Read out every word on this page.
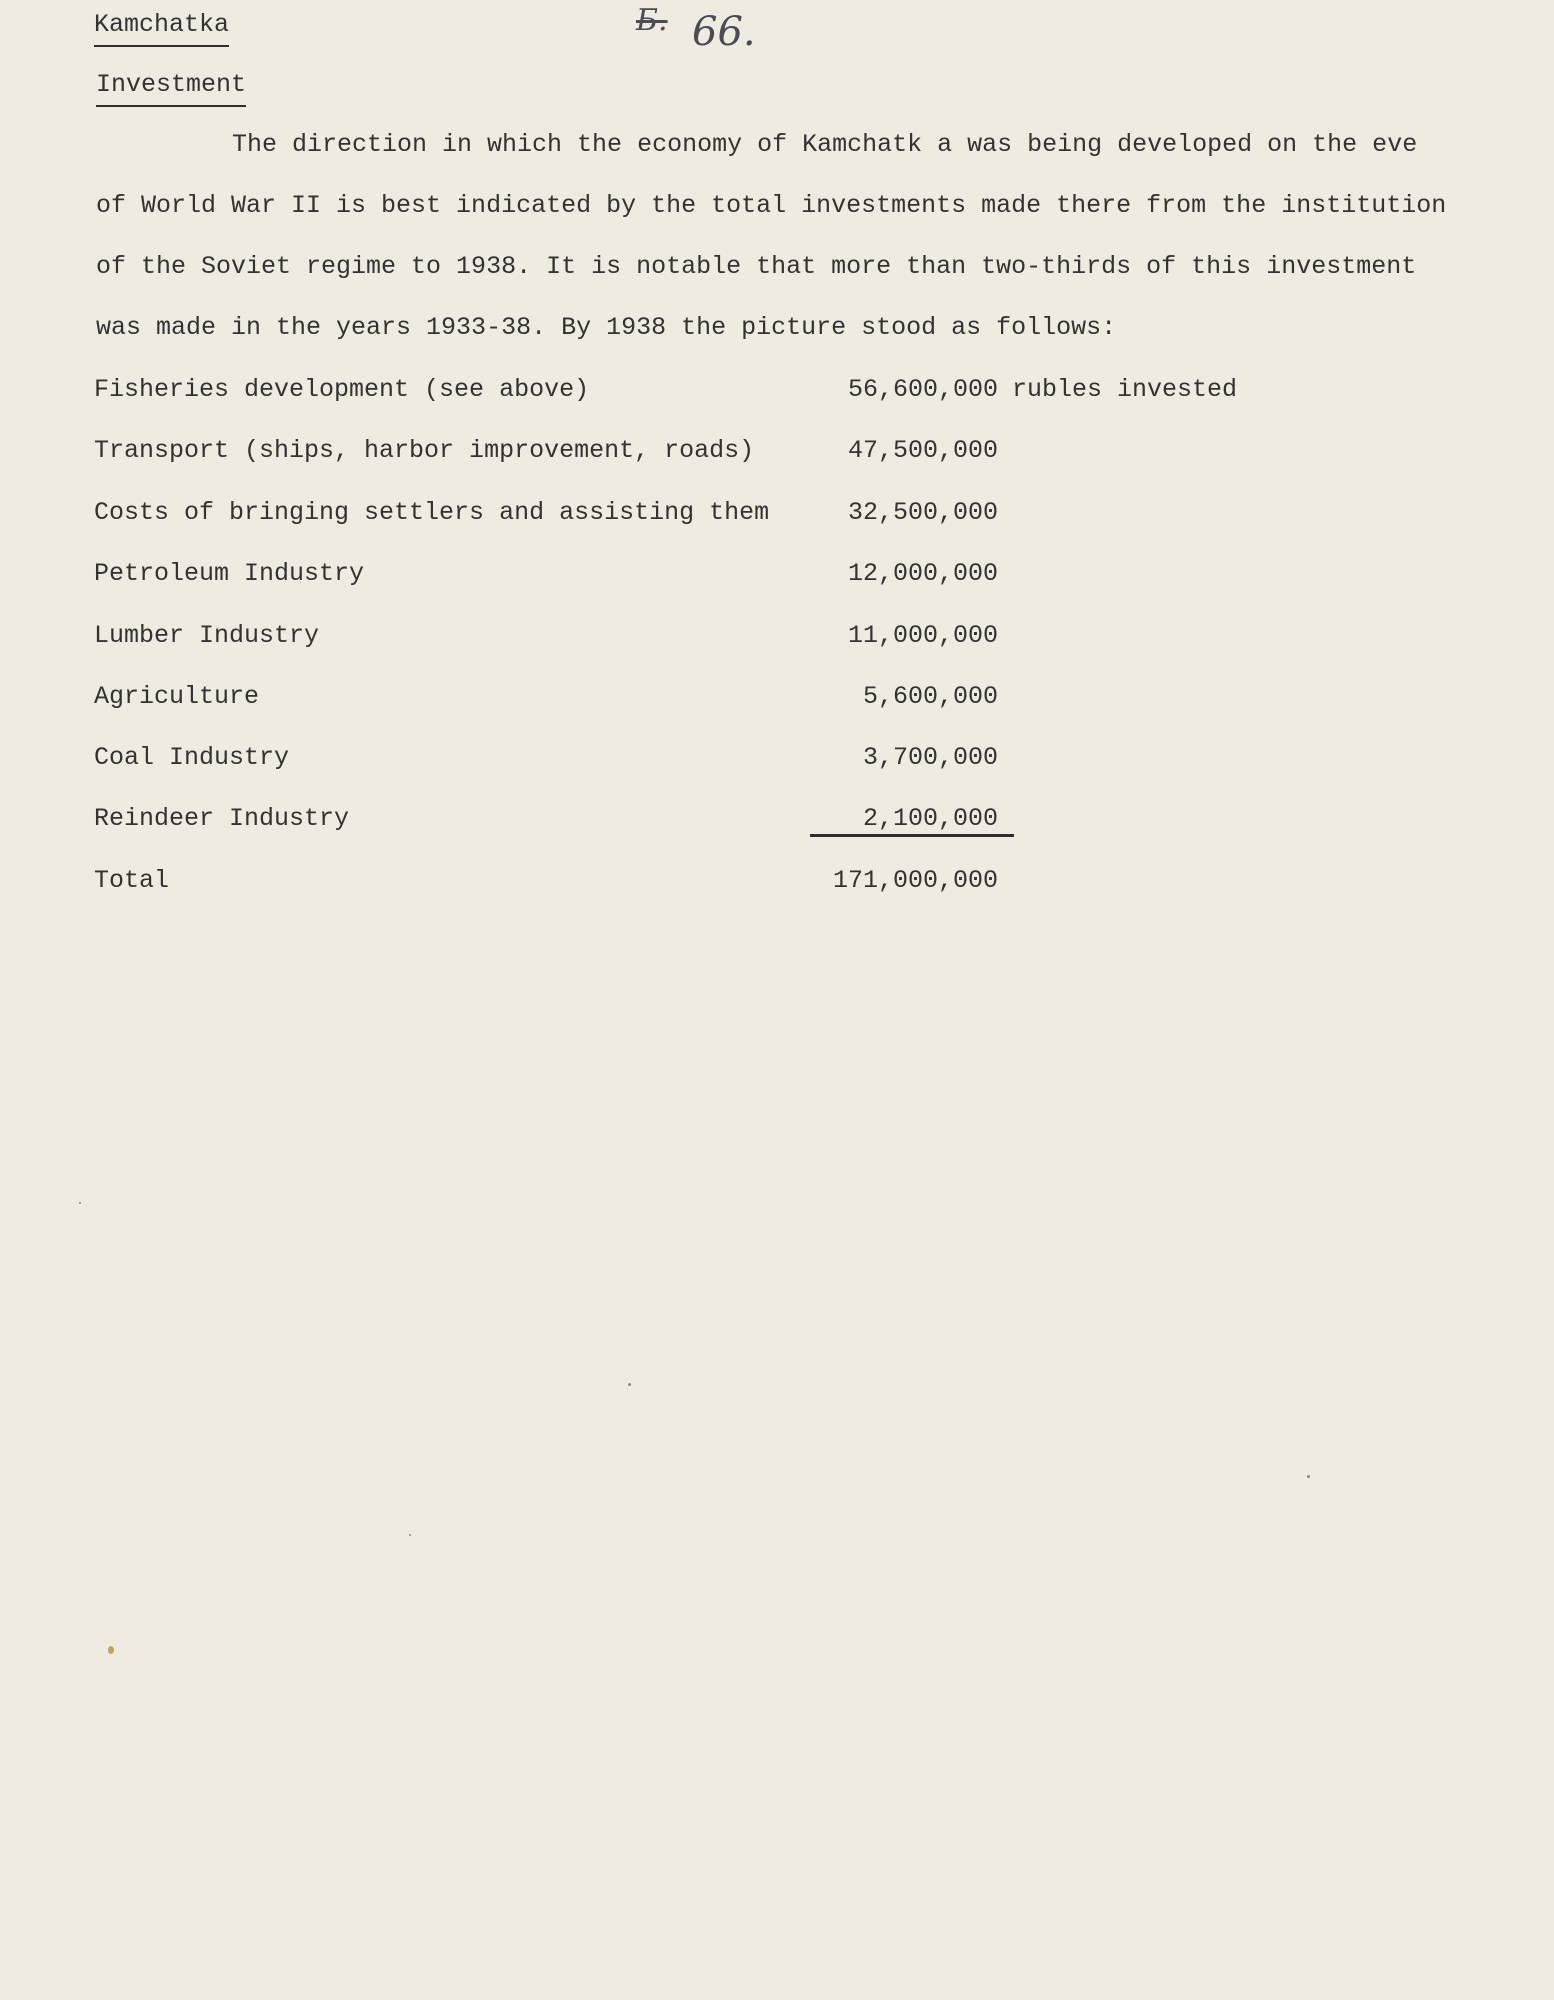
Kamchatka
Investment
Б. 66.
The direction in which the economy of Kamchatk a was being developed on the eve
of World War II is best indicated by the total investments made there from the institution
of the Soviet regime to 1938. It is notable that more than two-thirds of this investment
was made in the years 1933-38. By 1938 the picture stood as follows:
Fisheries development (see above)	56,600,000 rubles invested
Transport (ships, harbor improvement, roads)	47,500,000
Costs of bringing settlers and assisting them	32,500,000
Petroleum Industry	12,000,000
Lumber Industry	11,000,000
Agriculture	5,600,000
Coal Industry	3,700,000
Reindeer Industry	2,100,000
Total	171,000,000
